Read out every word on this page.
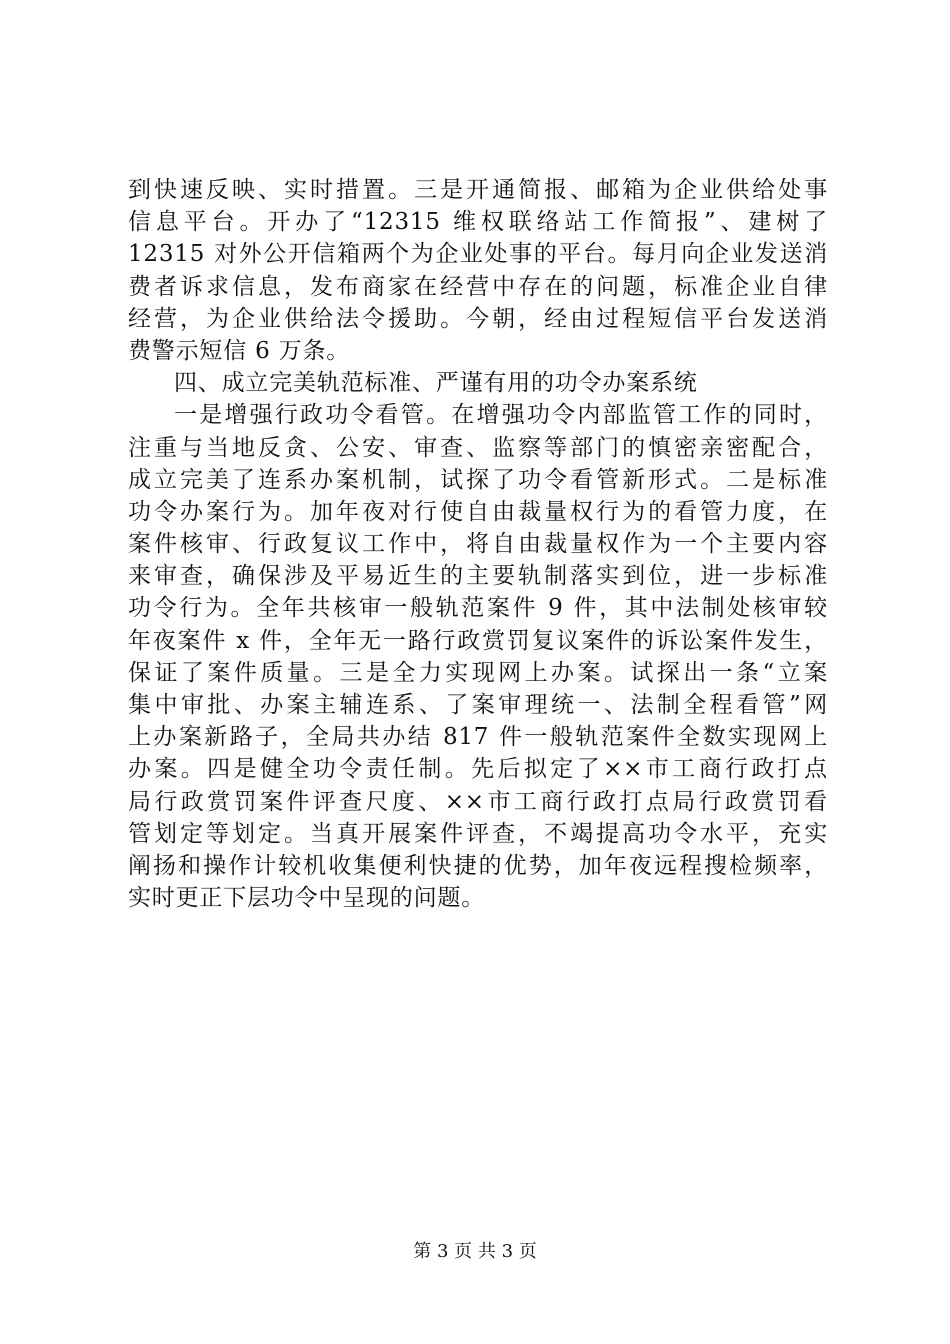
到快速反映、实时措置。三是开通简报、邮箱为企业供给处事
信息平台。开办了“12315 维权联络站工作简报”、建树了
12315 对外公开信箱两个为企业处事的平台。每月向企业发送消
费者诉求信息，发布商家在经营中存在的问题，标准企业自律
经营，为企业供给法令援助。今朝，经由过程短信平台发送消
费警示短信 6 万条。
四、成立完美轨范标准、严谨有用的功令办案系统
一是增强行政功令看管。在增强功令内部监管工作的同时，
注重与当地反贪、公安、审查、监察等部门的慎密亲密配合，
成立完美了连系办案机制，试探了功令看管新形式。二是标准
功令办案行为。加年夜对行使自由裁量权行为的看管力度，在
案件核审、行政复议工作中，将自由裁量权作为一个主要内容
来审查，确保涉及平易近生的主要轨制落实到位，进一步标准
功令行为。全年共核审一般轨范案件 9 件，其中法制处核审较
年夜案件 x 件，全年无一路行政赏罚复议案件的诉讼案件发生，
保证了案件质量。三是全力实现网上办案。试探出一条“立案
集中审批、办案主辅连系、了案审理统一、法制全程看管”网
上办案新路子，全局共办结 817 件一般轨范案件全数实现网上
办案。四是健全功令责任制。先后拟定了××市工商行政打点
局行政赏罚案件评查尺度、××市工商行政打点局行政赏罚看
管划定等划定。当真开展案件评查，不竭提高功令水平，充实
阐扬和操作计较机收集便利快捷的优势，加年夜远程搜检频率，
实时更正下层功令中呈现的问题。
第 3 页 共 3 页
